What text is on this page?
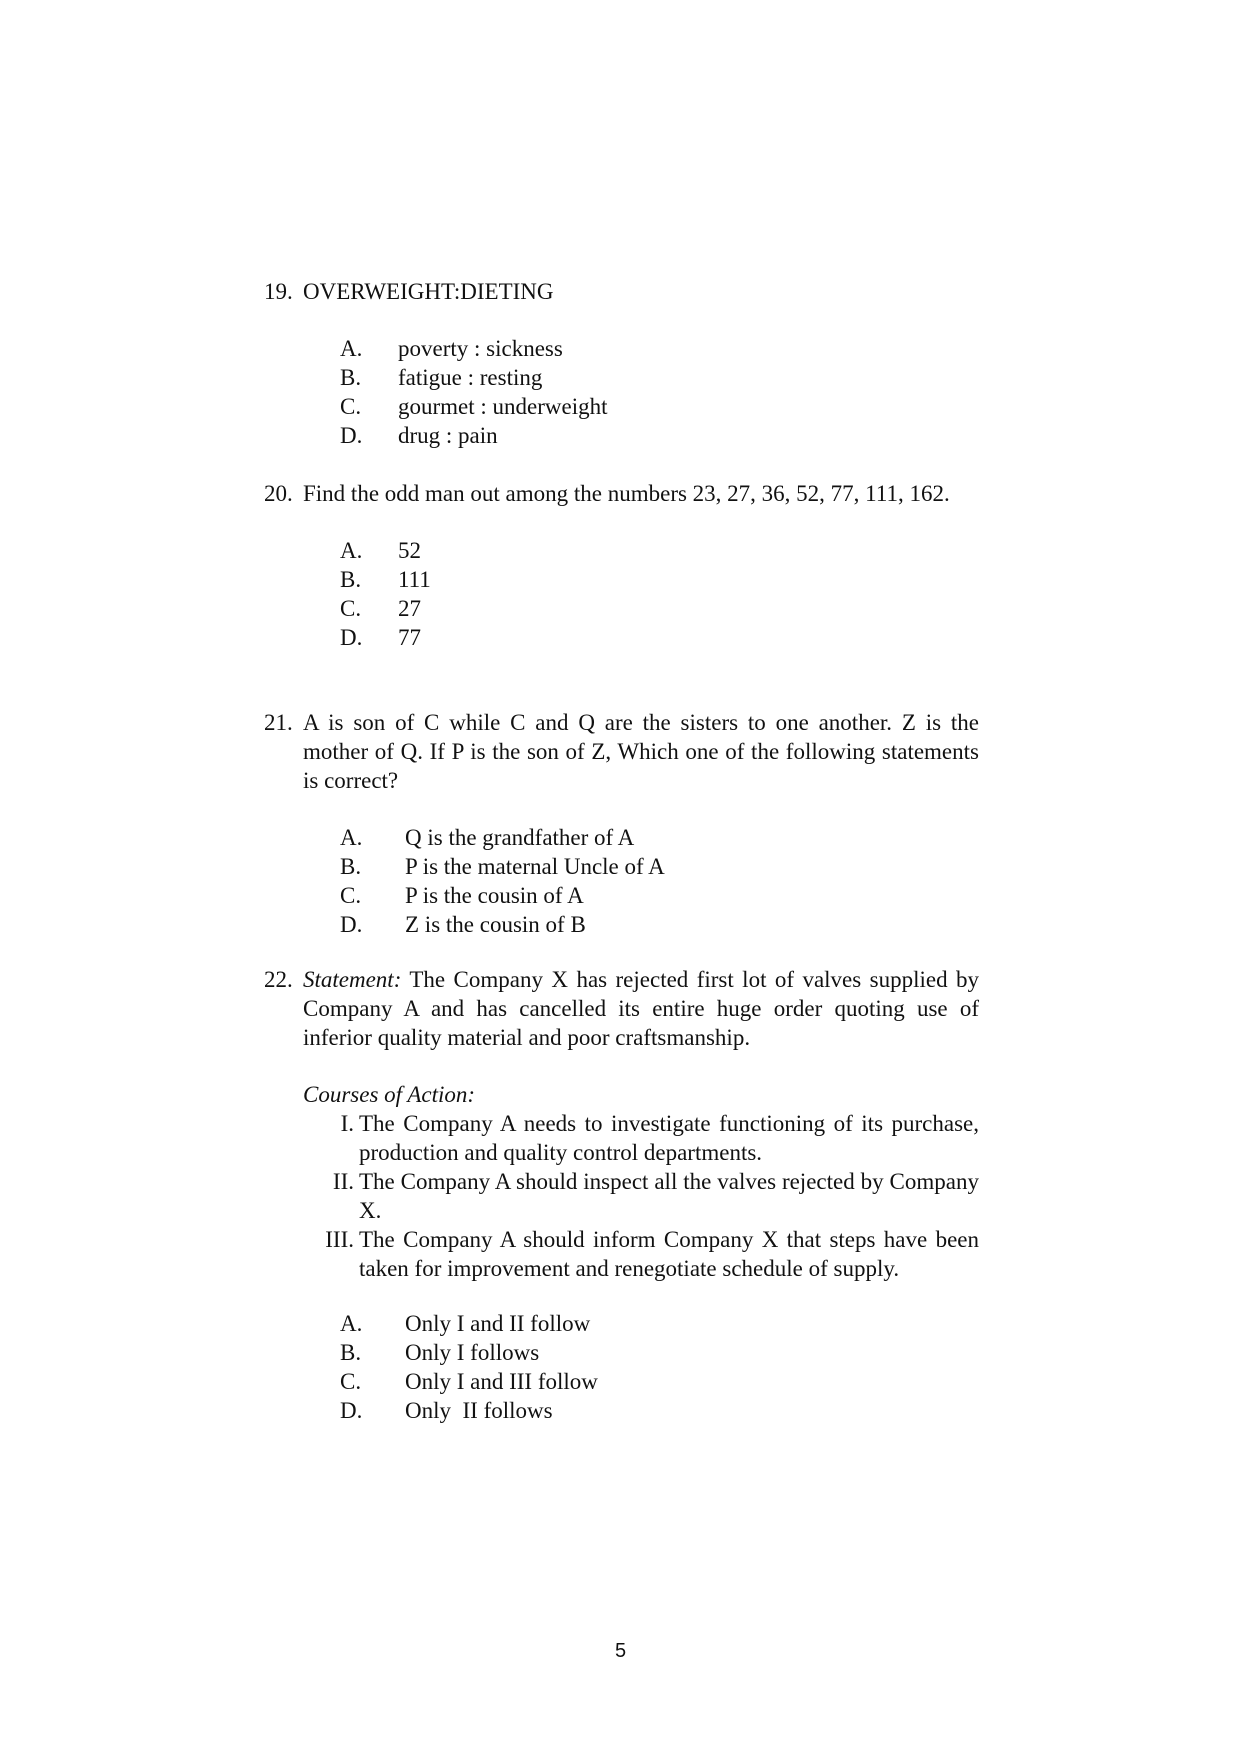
19. OVERWEIGHT:DIETING
A. poverty : sickness
B. fatigue : resting
C. gourmet : underweight
D. drug : pain
20. Find the odd man out among the numbers 23, 27, 36, 52, 77, 111, 162.
A. 52
B. 111
C. 27
D. 77
21. A is son of C while C and Q are the sisters to one another. Z is the mother of Q. If P is the son of Z, Which one of the following statements is correct?
A. Q is the grandfather of A
B. P is the maternal Uncle of A
C. P is the cousin of A
D. Z is the cousin of B
22. Statement: The Company X has rejected first lot of valves supplied by Company A and has cancelled its entire huge order quoting use of inferior quality material and poor craftsmanship.
Courses of Action:
I. The Company A needs to investigate functioning of its purchase, production and quality control departments.
II. The Company A should inspect all the valves rejected by Company X.
III. The Company A should inform Company X that steps have been taken for improvement and renegotiate schedule of supply.
A. Only I and II follow
B. Only I follows
C. Only I and III follow
D. Only  II follows
5
